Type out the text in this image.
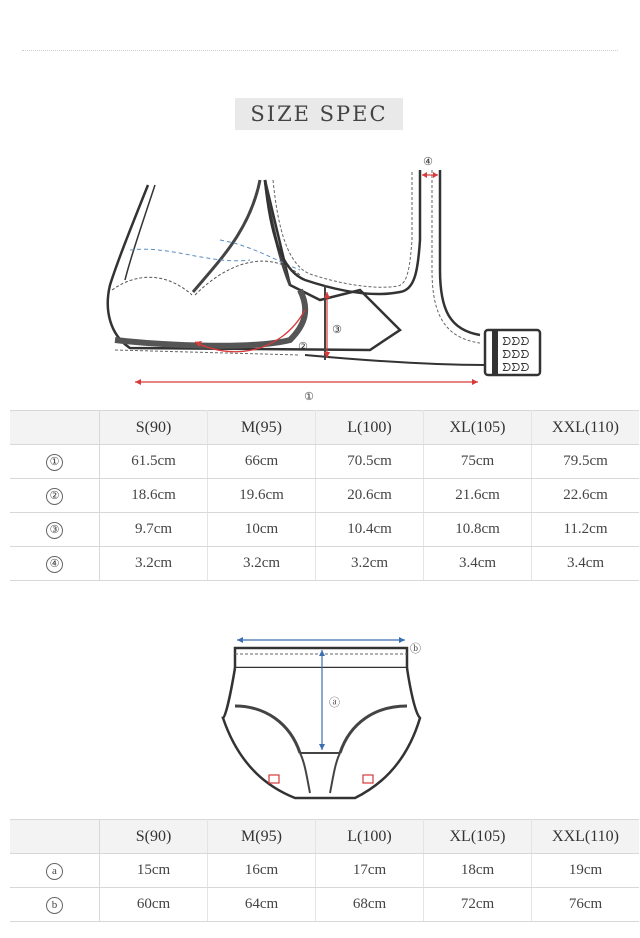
SIZE SPEC
ᗤᗤᗤ
ᗤᗤᗤ
ᗤᗤᗤ
①
②
③
④
	S(90)	M(95)	L(100)	XL(105)	XXL(110)
①	61.5cm	66cm	70.5cm	75cm	79.5cm
②	18.6cm	19.6cm	20.6cm	21.6cm	22.6cm
③	9.7cm	10cm	10.4cm	10.8cm	11.2cm
④	3.2cm	3.2cm	3.2cm	3.4cm	3.4cm
ⓐ
ⓑ
	S(90)	M(95)	L(100)	XL(105)	XXL(110)
a	15cm	16cm	17cm	18cm	19cm
b	60cm	64cm	68cm	72cm	76cm
